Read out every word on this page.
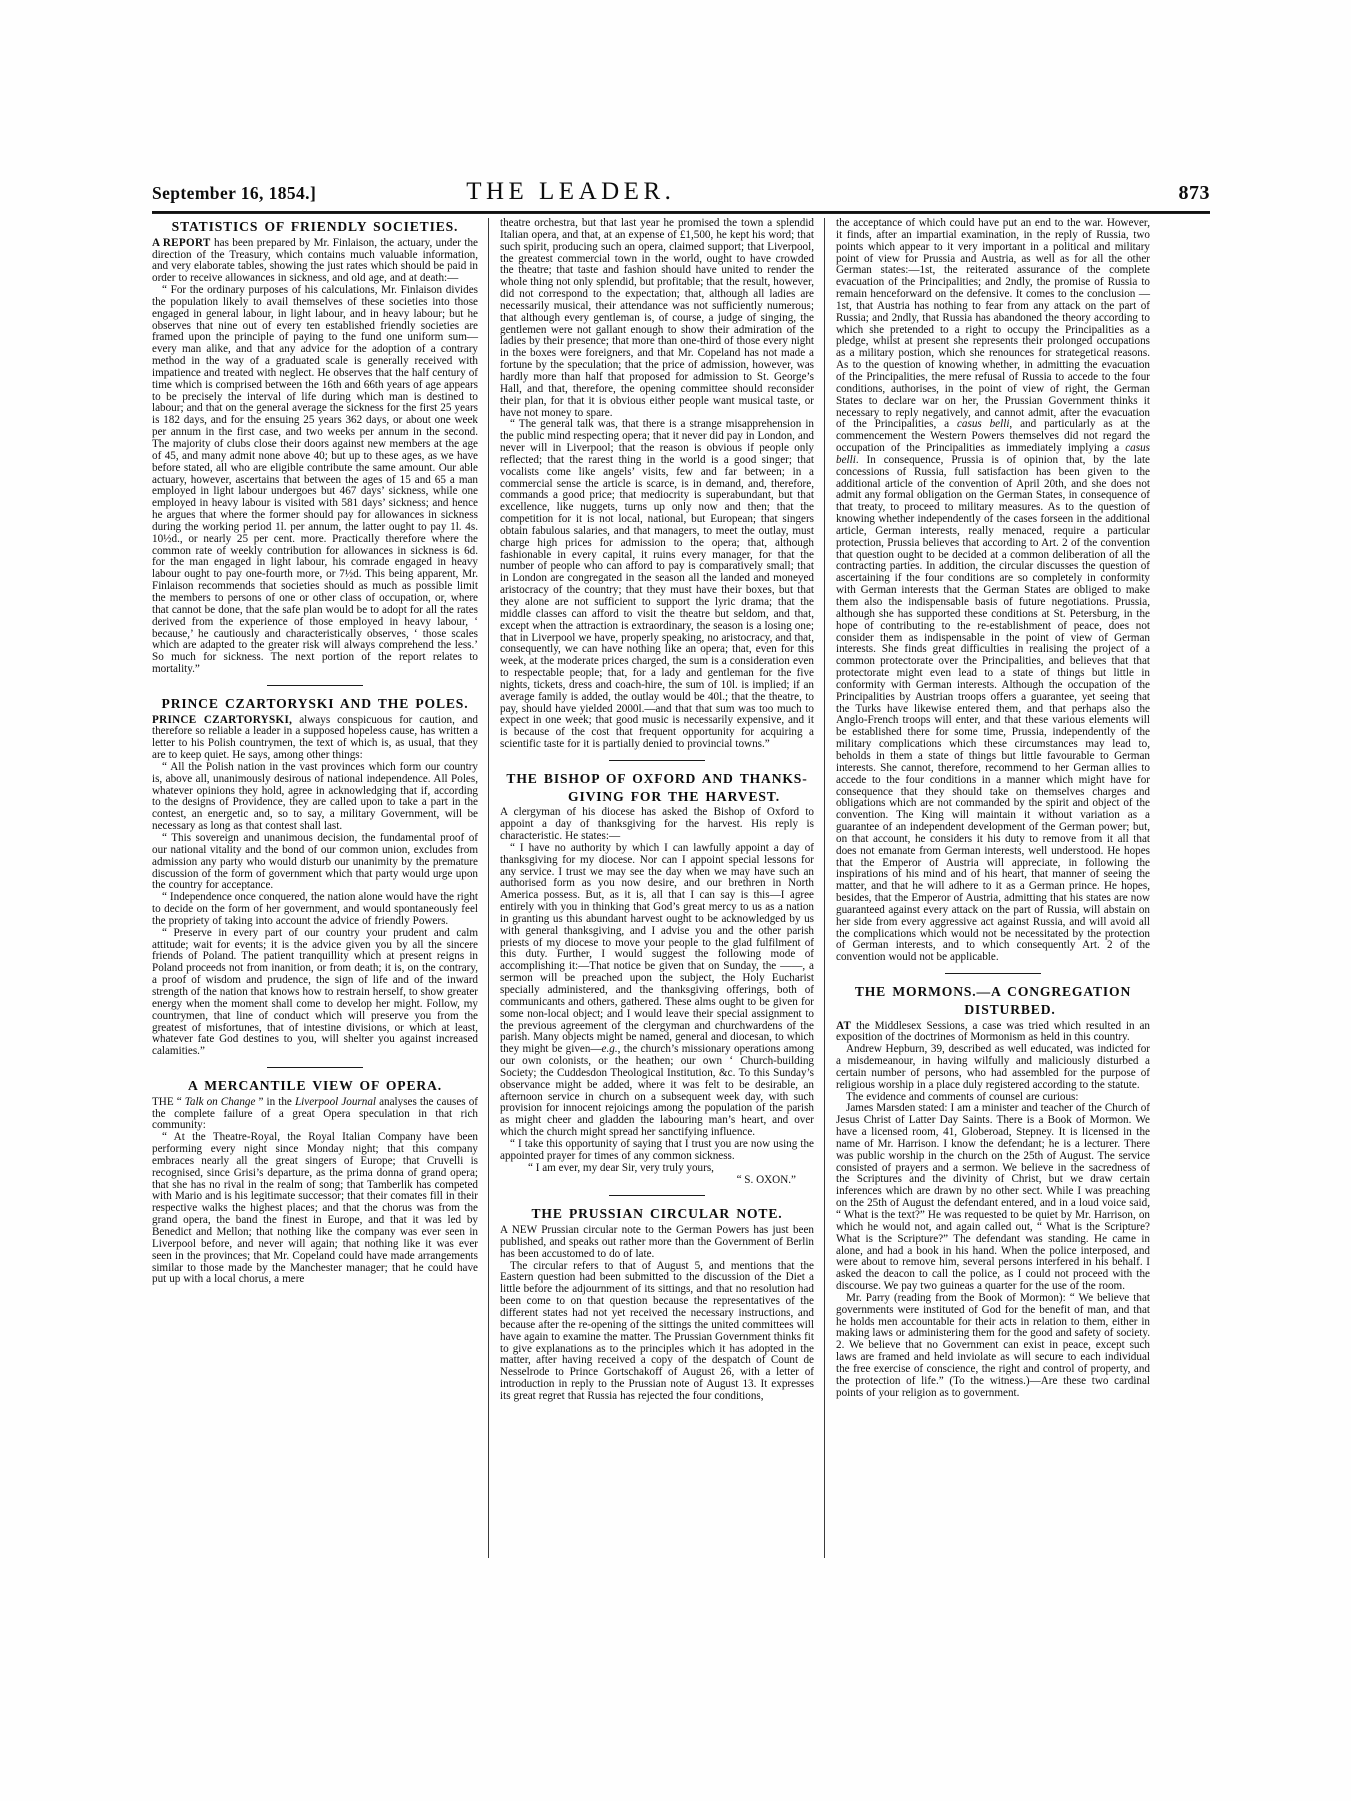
September 16, 1854.]	THE LEADER.	873
STATISTICS OF FRIENDLY SOCIETIES.

A REPORT has been prepared by Mr. Finlaison, the actuary, under the direction of the Treasury, which contains much valuable information, and very elaborate tables, showing the just rates which should be paid in order to receive allowances in sickness, and old age, and at death:—

“ For the ordinary purposes of his calculations, Mr. Finlaison divides the population likely to avail themselves of these societies into those engaged in general labour, in light labour, and in heavy labour; but he observes that nine out of every ten established friendly societies are framed upon the principle of paying to the fund one uniform sum—every man alike, and that any advice for the adoption of a contrary method in the way of a graduated scale is generally received with impatience and treated with neglect. He observes that the half century of time which is comprised between the 16th and 66th years of age appears to be precisely the interval of life during which man is destined to labour; and that on the general average the sickness for the first 25 years is 182 days, and for the ensuing 25 years 362 days, or about one week per annum in the first case, and two weeks per annum in the second. The majority of clubs close their doors against new members at the age of 45, and many admit none above 40; but up to these ages, as we have before stated, all who are eligible contribute the same amount. Our able actuary, however, ascertains that between the ages of 15 and 65 a man employed in light labour undergoes but 467 days’ sickness, while one employed in heavy labour is visited with 581 days’ sickness; and hence he argues that where the former should pay for allowances in sickness during the working period 1l. per annum, the latter ought to pay 1l. 4s. 10½d., or nearly 25 per cent. more. Practically therefore where the common rate of weekly contribution for allowances in sickness is 6d. for the man engaged in light labour, his comrade engaged in heavy labour ought to pay one-fourth more, or 7½d. This being apparent, Mr. Finlaison recommends that societies should as much as possible limit the members to persons of one or other class of occupation, or, where that cannot be done, that the safe plan would be to adopt for all the rates derived from the experience of those employed in heavy labour, ‘ because,’ he cautiously and characteristically observes, ‘ those scales which are adapted to the greater risk will always comprehend the less.’ So much for sickness. The next portion of the report relates to mortality.”

PRINCE CZARTORYSKI AND THE POLES.

PRINCE CZARTORYSKI, always conspicuous for caution, and therefore so reliable a leader in a supposed hopeless cause, has written a letter to his Polish countrymen, the text of which is, as usual, that they are to keep quiet. He says, among other things:

“ All the Polish nation in the vast provinces which form our country is, above all, unanimously desirous of national independence. All Poles, whatever opinions they hold, agree in acknowledging that if, according to the designs of Providence, they are called upon to take a part in the contest, an energetic and, so to say, a military Government, will be necessary as long as that contest shall last.

“ This sovereign and unanimous decision, the fundamental proof of our national vitality and the bond of our common union, excludes from admission any party who would disturb our unanimity by the premature discussion of the form of government which that party would urge upon the country for acceptance.

“ Independence once conquered, the nation alone would have the right to decide on the form of her government, and would spontaneously feel the propriety of taking into account the advice of friendly Powers.

“ Preserve in every part of our country your prudent and calm attitude; wait for events; it is the advice given you by all the sincere friends of Poland. The patient tranquillity which at present reigns in Poland proceeds not from inanition, or from death; it is, on the contrary, a proof of wisdom and prudence, the sign of life and of the inward strength of the nation that knows how to restrain herself, to show greater energy when the moment shall come to develop her might. Follow, my countrymen, that line of conduct which will preserve you from the greatest of misfortunes, that of intestine divisions, or which at least, whatever fate God destines to you, will shelter you against increased calamities.”

A MERCANTILE VIEW OF OPERA.

THE “ Talk on Change ” in the Liverpool Journal analyses the causes of the complete failure of a great Opera speculation in that rich community:

“ At the Theatre-Royal, the Royal Italian Company have been performing every night since Monday night; that this company embraces nearly all the great singers of Europe; that Cruvelli is recognised, since Grisi’s departure, as the prima donna of grand opera; that she has no rival in the realm of song; that Tamberlik has competed with Mario and is his legitimate successor; that their comates fill in their respective walks the highest places; and that the chorus was from the grand opera, the band the finest in Europe, and that it was led by Benedict and Mellon; that nothing like the company was ever seen in Liverpool before, and never will again; that nothing like it was ever seen in the provinces; that Mr. Copeland could have made arrangements similar to those made by the Manchester manager; that he could have put up with a local chorus, a mere

theatre orchestra, but that last year he promised the town a splendid Italian opera, and that, at an expense of £1,500, he kept his word; that such spirit, producing such an opera, claimed support; that Liverpool, the greatest commercial town in the world, ought to have crowded the theatre; that taste and fashion should have united to render the whole thing not only splendid, but profitable; that the result, however, did not correspond to the expectation; that, although all ladies are necessarily musical, their attendance was not sufficiently numerous; that although every gentleman is, of course, a judge of singing, the gentlemen were not gallant enough to show their admiration of the ladies by their presence; that more than one-third of those every night in the boxes were foreigners, and that Mr. Copeland has not made a fortune by the speculation; that the price of admission, however, was hardly more than half that proposed for admission to St. George’s Hall, and that, therefore, the opening committee should reconsider their plan, for that it is obvious either people want musical taste, or have not money to spare.

“ The general talk was, that there is a strange misapprehension in the public mind respecting opera; that it never did pay in London, and never will in Liverpool; that the reason is obvious if people only reflected; that the rarest thing in the world is a good singer; that vocalists come like angels’ visits, few and far between; in a commercial sense the article is scarce, is in demand, and, therefore, commands a good price; that mediocrity is superabundant, but that excellence, like nuggets, turns up only now and then; that the competition for it is not local, national, but European; that singers obtain fabulous salaries, and that managers, to meet the outlay, must charge high prices for admission to the opera; that, although fashionable in every capital, it ruins every manager, for that the number of people who can afford to pay is comparatively small; that in London are congregated in the season all the landed and moneyed aristocracy of the country; that they must have their boxes, but that they alone are not sufficient to support the lyric drama; that the middle classes can afford to visit the theatre but seldom, and that, except when the attraction is extraordinary, the season is a losing one; that in Liverpool we have, properly speaking, no aristocracy, and that, consequently, we can have nothing like an opera; that, even for this week, at the moderate prices charged, the sum is a consideration even to respectable people; that, for a lady and gentleman for the five nights, tickets, dress and coach-hire, the sum of 10l. is implied; if an average family is added, the outlay would be 40l.; that the theatre, to pay, should have yielded 2000l.—and that that sum was too much to expect in one week; that good music is necessarily expensive, and it is because of the cost that frequent opportunity for acquiring a scientific taste for it is partially denied to provincial towns.”

THE BISHOP OF OXFORD AND THANKS-
GIVING FOR THE HARVEST.

A clergyman of his diocese has asked the Bishop of Oxford to appoint a day of thanksgiving for the harvest. His reply is characteristic. He states:—

“ I have no authority by which I can lawfully appoint a day of thanksgiving for my diocese. Nor can I appoint special lessons for any service. I trust we may see the day when we may have such an authorised form as you now desire, and our brethren in North America possess. But, as it is, all that I can say is this—I agree entirely with you in thinking that God’s great mercy to us as a nation in granting us this abundant harvest ought to be acknowledged by us with general thanksgiving, and I advise you and the other parish priests of my diocese to move your people to the glad fulfilment of this duty. Further, I would suggest the following mode of accomplishing it:—That notice be given that on Sunday, the ——, a sermon will be preached upon the subject, the Holy Eucharist specially administered, and the thanksgiving offerings, both of communicants and others, gathered. These alms ought to be given for some non-local object; and I would leave their special assignment to the previous agreement of the clergyman and churchwardens of the parish. Many objects might be named, general and diocesan, to which they might be given—e.g., the church’s missionary operations among our own colonists, or the heathen; our own ‘ Church-building Society; the Cuddesdon Theological Institution, &c. To this Sunday’s observance might be added, where it was felt to be desirable, an afternoon service in church on a subsequent week day, with such provision for innocent rejoicings among the population of the parish as might cheer and gladden the labouring man’s heart, and over which the church might spread her sanctifying influence.

“ I take this opportunity of saying that I trust you are now using the appointed prayer for times of any common sickness.

“ I am ever, my dear Sir, very truly yours,

“ S. OXON.”

THE PRUSSIAN CIRCULAR NOTE.

A NEW Prussian circular note to the German Powers has just been published, and speaks out rather more than the Government of Berlin has been accustomed to do of late.

The circular refers to that of August 5, and mentions that the Eastern question had been submitted to the discussion of the Diet a little before the adjournment of its sittings, and that no resolution had been come to on that question because the representatives of the different states had not yet received the necessary instructions, and because after the re-opening of the sittings the united committees will have again to examine the matter. The Prussian Government thinks fit to give explanations as to the principles which it has adopted in the matter, after having received a copy of the despatch of Count de Nesselrode to Prince Gortschakoff of August 26, with a letter of introduction in reply to the Prussian note of August 13. It expresses its great regret that Russia has rejected the four conditions,

the acceptance of which could have put an end to the war. However, it finds, after an impartial examination, in the reply of Russia, two points which appear to it very important in a political and military point of view for Prussia and Austria, as well as for all the other German states:—1st, the reiterated assurance of the complete evacuation of the Principalities; and 2ndly, the promise of Russia to remain henceforward on the defensive. It comes to the conclusion —1st, that Austria has nothing to fear from any attack on the part of Russia; and 2ndly, that Russia has abandoned the theory according to which she pretended to a right to occupy the Principalities as a pledge, whilst at present she represents their prolonged occupations as a military postion, which she renounces for strategetical reasons. As to the question of knowing whether, in admitting the evacuation of the Principalities, the mere refusal of Russia to accede to the four conditions, authorises, in the point of view of right, the German States to declare war on her, the Prussian Government thinks it necessary to reply negatively, and cannot admit, after the evacuation of the Principalities, a casus belli, and particularly as at the commencement the Western Powers themselves did not regard the occupation of the Principalities as immediately implying a casus belli. In consequence, Prussia is of opinion that, by the late concessions of Russia, full satisfaction has been given to the additional article of the convention of April 20th, and she does not admit any formal obligation on the German States, in consequence of that treaty, to proceed to military measures. As to the question of knowing whether independently of the cases forseen in the additional article, German interests, really menaced, require a particular protection, Prussia believes that according to Art. 2 of the convention that question ought to be decided at a common deliberation of all the contracting parties. In addition, the circular discusses the question of ascertaining if the four conditions are so completely in conformity with German interests that the German States are obliged to make them also the indispensable basis of future negotiations. Prussia, although she has supported these conditions at St. Petersburg, in the hope of contributing to the re-establishment of peace, does not consider them as indispensable in the point of view of German interests. She finds great difficulties in realising the project of a common protectorate over the Principalities, and believes that that protectorate might even lead to a state of things but little in conformity with German interests. Although the occupation of the Principalities by Austrian troops offers a guarantee, yet seeing that the Turks have likewise entered them, and that perhaps also the Anglo-French troops will enter, and that these various elements will be established there for some time, Prussia, independently of the military complications which these circumstances may lead to, beholds in them a state of things but little favourable to German interests. She cannot, therefore, recommend to her German allies to accede to the four conditions in a manner which might have for consequence that they should take on themselves charges and obligations which are not commanded by the spirit and object of the convention. The King will maintain it without variation as a guarantee of an independent development of the German power; but, on that account, he considers it his duty to remove from it all that does not emanate from German interests, well understood. He hopes that the Emperor of Austria will appreciate, in following the inspirations of his mind and of his heart, that manner of seeing the matter, and that he will adhere to it as a German prince. He hopes, besides, that the Emperor of Austria, admitting that his states are now guaranteed against every attack on the part of Russia, will abstain on her side from every aggressive act against Russia, and will avoid all the complications which would not be necessitated by the protection of German interests, and to which consequently Art. 2 of the convention would not be applicable.

THE MORMONS.—A CONGREGATION
DISTURBED.

AT the Middlesex Sessions, a case was tried which resulted in an exposition of the doctrines of Mormonism as held in this country.

Andrew Hepburn, 39, described as well educated, was indicted for a misdemeanour, in having wilfully and maliciously disturbed a certain number of persons, who had assembled for the purpose of religious worship in a place duly registered according to the statute.

The evidence and comments of counsel are curious:

James Marsden stated: I am a minister and teacher of the Church of Jesus Christ of Latter Day Saints. There is a Book of Mormon. We have a licensed room, 41, Globeroad, Stepney. It is licensed in the name of Mr. Harrison. I know the defendant; he is a lecturer. There was public worship in the church on the 25th of August. The service consisted of prayers and a sermon. We believe in the sacredness of the Scriptures and the divinity of Christ, but we draw certain inferences which are drawn by no other sect. While I was preaching on the 25th of August the defendant entered, and in a loud voice said, “ What is the text?” He was requested to be quiet by Mr. Harrison, on which he would not, and again called out, “ What is the Scripture? What is the Scripture?” The defendant was standing. He came in alone, and had a book in his hand. When the police interposed, and were about to remove him, several persons interfered in his behalf. I asked the deacon to call the police, as I could not proceed with the discourse. We pay two guineas a quarter for the use of the room.

Mr. Parry (reading from the Book of Mormon): “ We believe that governments were instituted of God for the benefit of man, and that he holds men accountable for their acts in relation to them, either in making laws or administering them for the good and safety of society. 2. We believe that no Government can exist in peace, except such laws are framed and held inviolate as will secure to each individual the free exercise of conscience, the right and control of property, and the protection of life.” (To the witness.)—Are these two cardinal points of your religion as to government.
